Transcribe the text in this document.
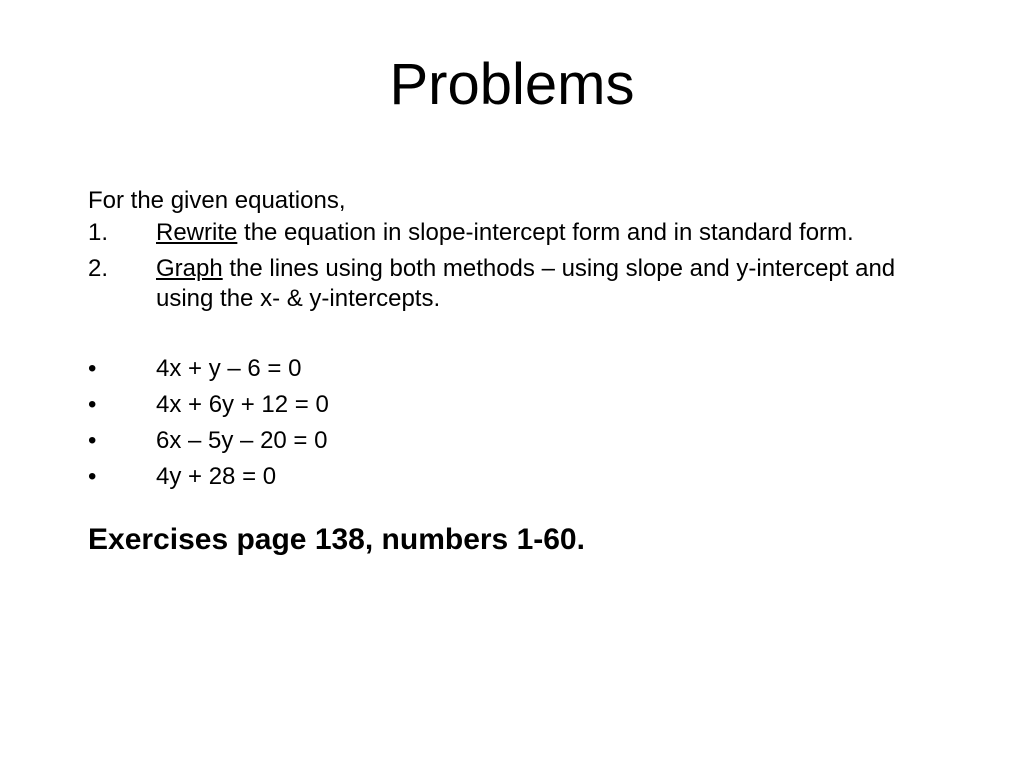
Problems
For the given equations,
1.	Rewrite the equation in slope-intercept form and in standard form.
2.	Graph the lines using both methods – using slope and y-intercept and using the x- & y-intercepts.
•	4x + y – 6 = 0
•	4x + 6y + 12 = 0
•	6x – 5y – 20 = 0
•	4y + 28 = 0
Exercises page 138, numbers 1-60.
